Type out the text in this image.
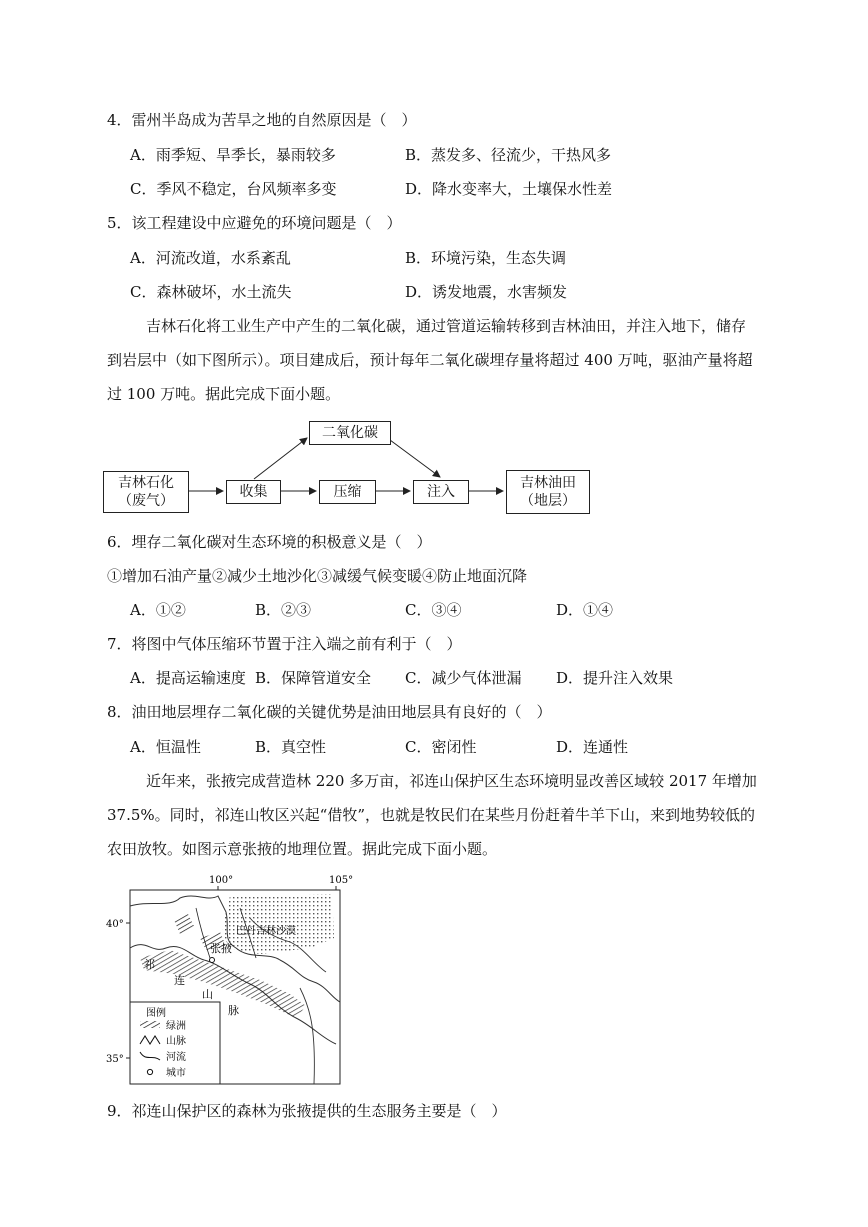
4．雷州半岛成为苦旱之地的自然原因是（　）
A．雨季短、旱季长，暴雨较多	B．蒸发多、径流少，干热风多
C．季风不稳定，台风频率多变	D．降水变率大，土壤保水性差
5．该工程建设中应避免的环境问题是（　）
A．河流改道，水系紊乱	B．环境污染，生态失调
C．森林破坏，水土流失	D．诱发地震，水害频发
吉林石化将工业生产中产生的二氧化碳，通过管道运输转移到吉林油田，并注入地下，储存
到岩层中（如下图所示）。项目建成后，预计每年二氧化碳埋存量将超过 400 万吨，驱油产量将超
过 100 万吨。据此完成下面小题。
吉林石化
（废气）
收集
二氧化碳
压缩	注入
吉林油田
（地层）
6．埋存二氧化碳对生态环境的积极意义是（　）
①增加石油产量②减少土地沙化③减缓气候变暖④防止地面沉降
A．①②	B．②③	C．③④	D．①④
7．将图中气体压缩环节置于注入端之前有利于（　）
A．提高运输速度 B．保障管道安全 C．减少气体泄漏 D．提升注入效果
8．油田地层埋存二氧化碳的关键优势是油田地层具有良好的（　）
A．恒温性	B．真空性	C．密闭性	D．连通性
近年来，张掖完成营造林 220 多万亩，祁连山保护区生态环境明显改善区域较 2017 年增加
37.5%。同时，祁连山牧区兴起“借牧”，也就是牧民们在某些月份赶着牛羊下山，来到地势较低的
农田放牧。如图示意张掖的地理位置。据此完成下面小题。
100°	105°
40°
35°
张掖
巴丹吉林沙漠
祁
连
山
脉
图例
绿洲
山脉
河流
城市
9．祁连山保护区的森林为张掖提供的生态服务主要是（　）
